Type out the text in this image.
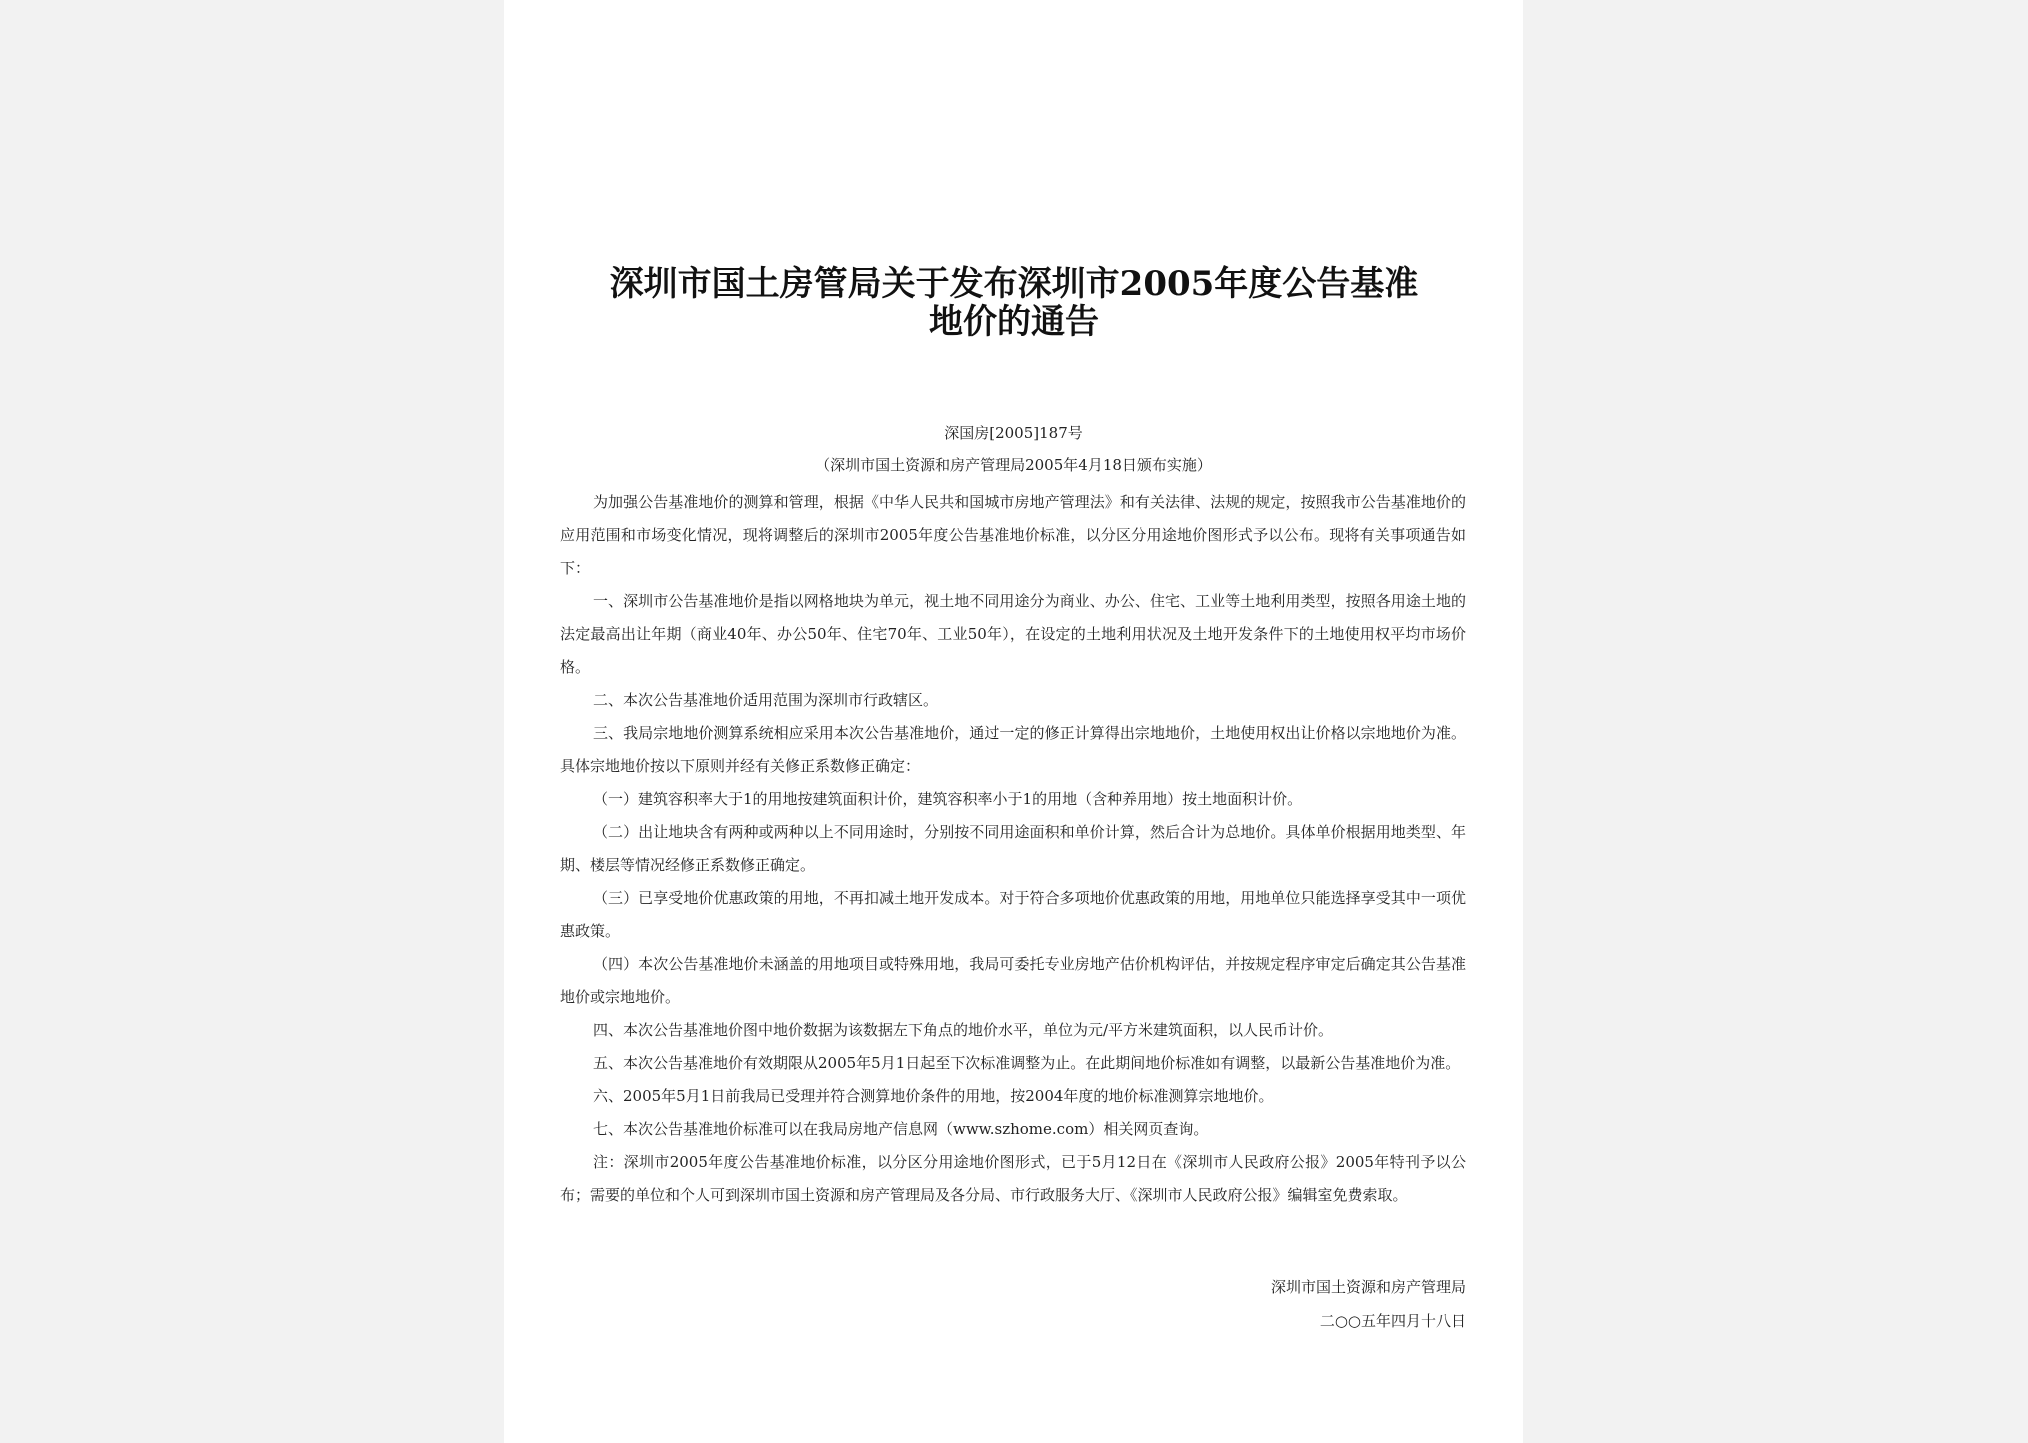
深圳市国土房管局关于发布深圳市2005年度公告基准
地价的通告
深国房[2005]187号
（深圳市国土资源和房产管理局2005年4月18日颁布实施）

为加强公告基准地价的测算和管理，根据《中华人民共和国城市房地产管理法》和有关法律、法规的规定，按照我市公告基准地价的应用范围和市场变化情况，现将调整后的深圳市2005年度公告基准地价标准，以分区分用途地价图形式予以公布。现将有关事项通告如下：

一、深圳市公告基准地价是指以网格地块为单元，视土地不同用途分为商业、办公、住宅、工业等土地利用类型，按照各用途土地的法定最高出让年期（商业40年、办公50年、住宅70年、工业50年），在设定的土地利用状况及土地开发条件下的土地使用权平均市场价格。

二、本次公告基准地价适用范围为深圳市行政辖区。

三、我局宗地地价测算系统相应采用本次公告基准地价，通过一定的修正计算得出宗地地价，土地使用权出让价格以宗地地价为准。具体宗地地价按以下原则并经有关修正系数修正确定：

（一）建筑容积率大于1的用地按建筑面积计价，建筑容积率小于1的用地（含种养用地）按土地面积计价。

（二）出让地块含有两种或两种以上不同用途时，分别按不同用途面积和单价计算，然后合计为总地价。具体单价根据用地类型、年期、楼层等情况经修正系数修正确定。

（三）已享受地价优惠政策的用地，不再扣减土地开发成本。对于符合多项地价优惠政策的用地，用地单位只能选择享受其中一项优惠政策。

（四）本次公告基准地价未涵盖的用地项目或特殊用地，我局可委托专业房地产估价机构评估，并按规定程序审定后确定其公告基准地价或宗地地价。

四、本次公告基准地价图中地价数据为该数据左下角点的地价水平，单位为元/平方米建筑面积，以人民币计价。

五、本次公告基准地价有效期限从2005年5月1日起至下次标准调整为止。在此期间地价标准如有调整，以最新公告基准地价为准。

六、2005年5月1日前我局已受理并符合测算地价条件的用地，按2004年度的地价标准测算宗地地价。

七、本次公告基准地价标准可以在我局房地产信息网（www.szhome.com）相关网页查询。

注：深圳市2005年度公告基准地价标准，以分区分用途地价图形式，已于5月12日在《深圳市人民政府公报》2005年特刊予以公布；需要的单位和个人可到深圳市国土资源和房产管理局及各分局、市行政服务大厅、《深圳市人民政府公报》编辑室免费索取。

深圳市国土资源和房产管理局
二○○五年四月十八日
